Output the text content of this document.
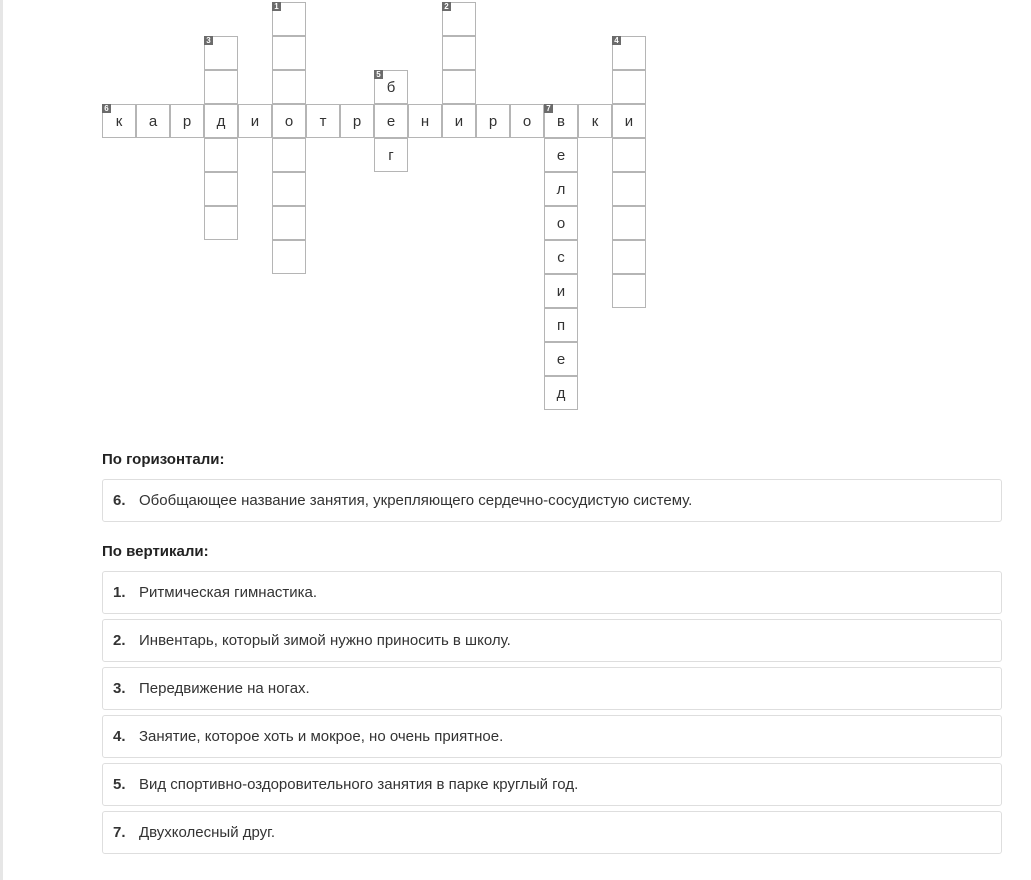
1	2
3	4
5
б
6
к а р д и о т р е н и р о
7
в к и
г	е
л
о
с
и
п
е
д
По горизонтали:
6. Обобщающее название занятия, укрепляющего сердечно-сосудистую систему.
По вертикали:
1. Ритмическая гимнастика.
2. Инвентарь, который зимой нужно приносить в школу.
3. Передвижение на ногах.
4. Занятие, которое хоть и мокрое, но очень приятное.
5. Вид спортивно-оздоровительного занятия в парке круглый год.
7. Двухколесный друг.
